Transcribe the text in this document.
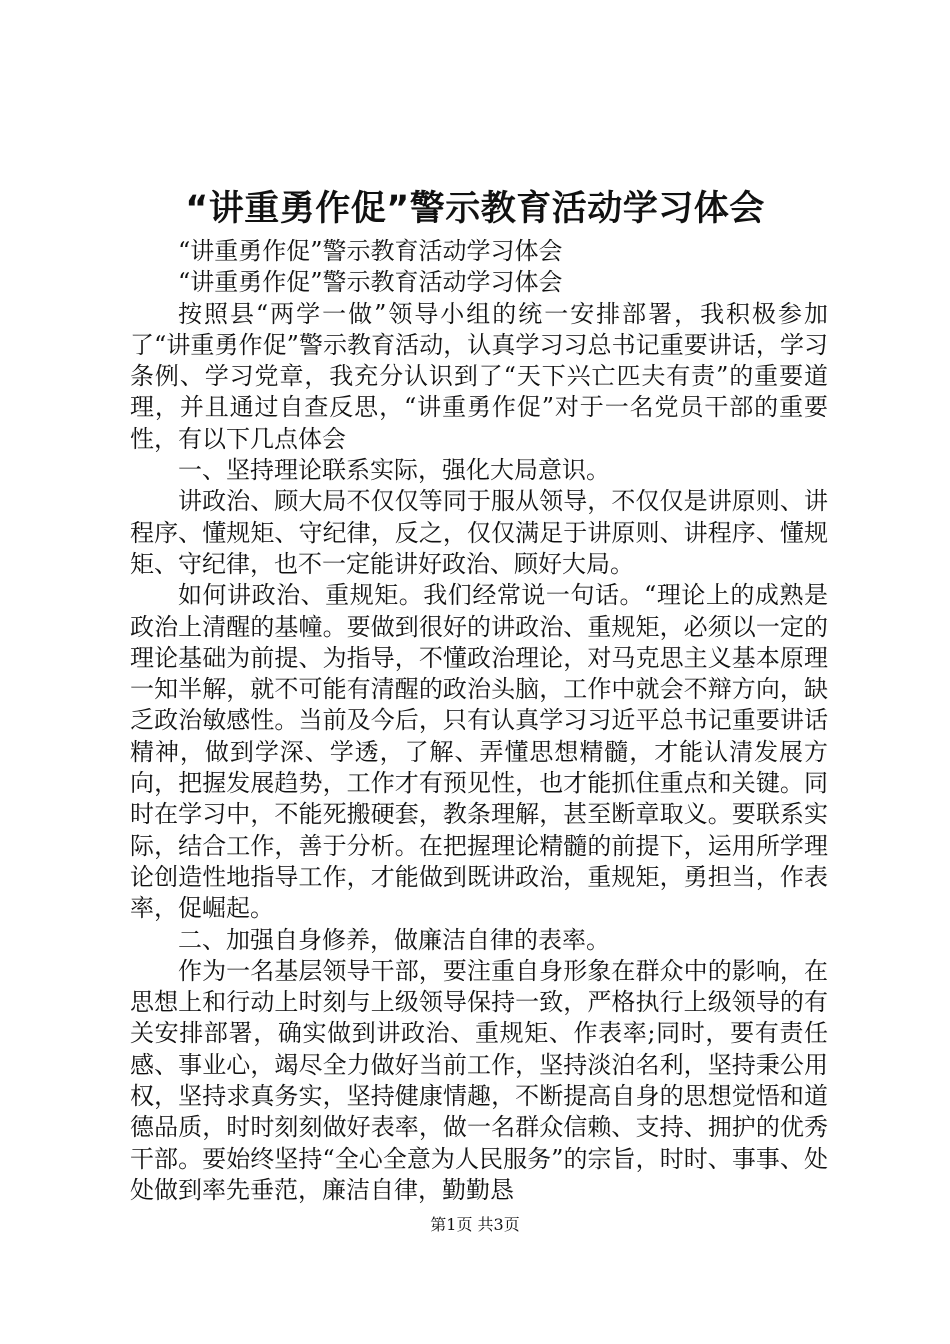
“讲重勇作促”警示教育活动学习体会

“讲重勇作促”警示教育活动学习体会

“讲重勇作促”警示教育活动学习体会

按照县“两学一做”领导小组的统一安排部署，我积极参加了“讲重勇作促”警示教育活动，认真学习习总书记重要讲话，学习条例、学习党章，我充分认识到了“天下兴亡匹夫有责”的重要道理，并且通过自查反思，“讲重勇作促”对于一名党员干部的重要性，有以下几点体会

一、坚持理论联系实际，强化大局意识。

讲政治、顾大局不仅仅等同于服从领导，不仅仅是讲原则、讲程序、懂规矩、守纪律，反之，仅仅满足于讲原则、讲程序、懂规矩、守纪律，也不一定能讲好政治、顾好大局。

如何讲政治、重规矩。我们经常说一句话。“理论上的成熟是政治上清醒的基幢。要做到很好的讲政治、重规矩，必须以一定的理论基础为前提、为指导，不懂政治理论，对马克思主义基本原理一知半解，就不可能有清醒的政治头脑，工作中就会不辩方向，缺乏政治敏感性。当前及今后，只有认真学习习近平总书记重要讲话精神，做到学深、学透，了解、弄懂思想精髓，才能认清发展方向，把握发展趋势，工作才有预见性，也才能抓住重点和关键。同时在学习中，不能死搬硬套，教条理解，甚至断章取义。要联系实际，结合工作，善于分析。在把握理论精髓的前提下，运用所学理论创造性地指导工作，才能做到既讲政治，重规矩，勇担当，作表率，促崛起。

二、加强自身修养，做廉洁自律的表率。

作为一名基层领导干部，要注重自身形象在群众中的影响，在思想上和行动上时刻与上级领导保持一致，严格执行上级领导的有关安排部署，确实做到讲政治、重规矩、作表率;同时，要有责任感、事业心，竭尽全力做好当前工作，坚持淡泊名利，坚持秉公用权，坚持求真务实，坚持健康情趣，不断提高自身的思想觉悟和道德品质，时时刻刻做好表率，做一名群众信赖、支持、拥护的优秀干部。要始终坚持“全心全意为人民服务”的宗旨，时时、事事、处处做到率先垂范，廉洁自律，勤勤恳

第1页 共3页
